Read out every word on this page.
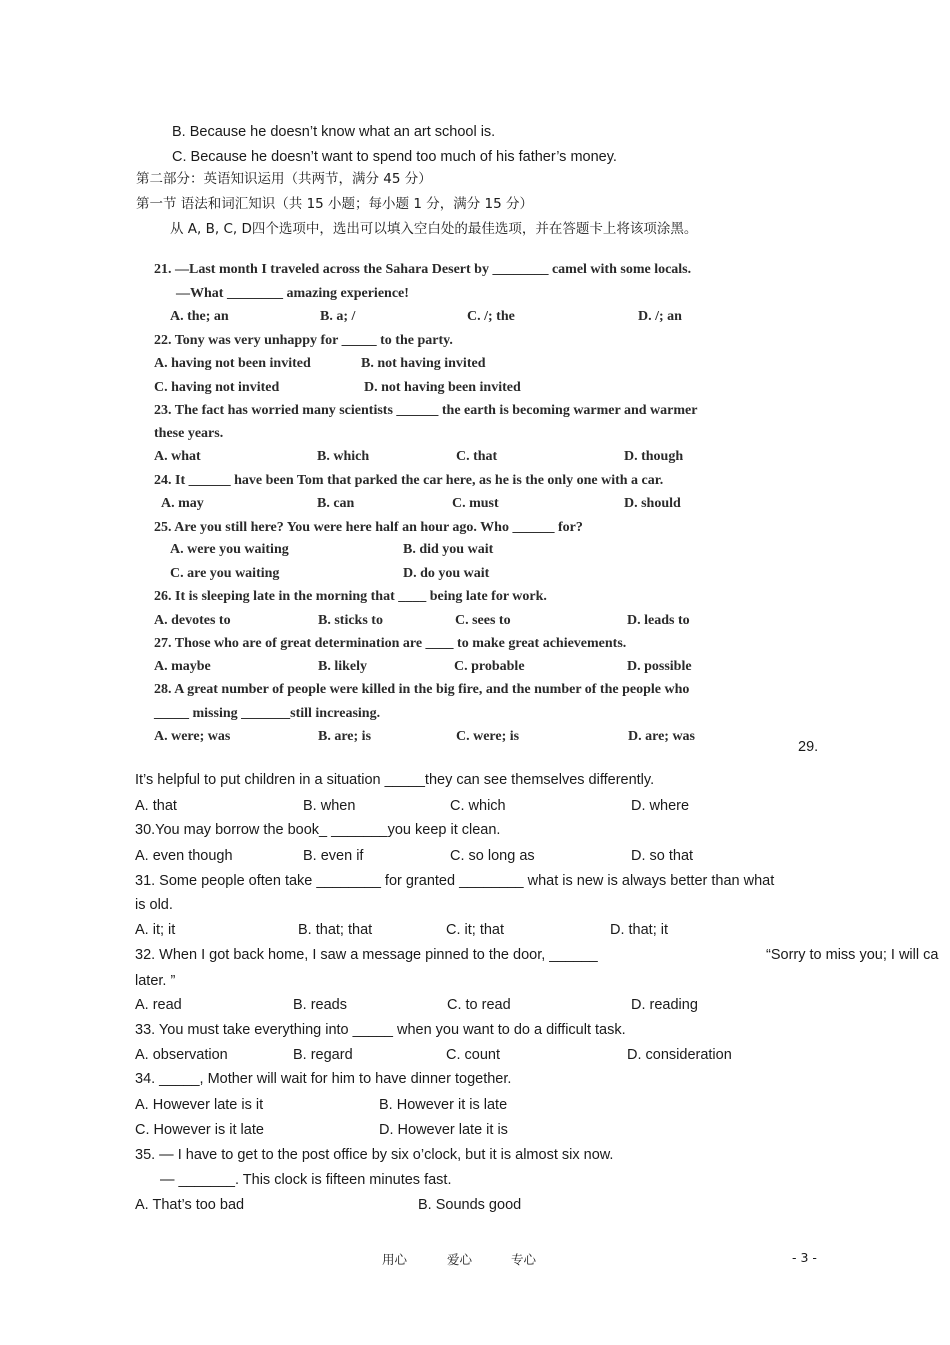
B. Because he doesn’t know what an art school is.
C. Because he doesn’t want to spend too much of his father’s money.
第二部分：英语知识运用（共两节，满分 45 分）
第一节 语法和词汇知识（共 15 小题；每小题 1 分，满分 15 分）
从 A, B, C, D四个选项中，选出可以填入空白处的最佳选项，并在答题卡上将该项涂黑。
21. —Last month I traveled across the Sahara Desert by ________ camel with some locals.
—What ________ amazing experience!
A. the; an	B. a; /	C. /; the	D. /; an
22. Tony was very unhappy for _____ to the party.
A. having not been invited	B. not having invited
C. having not invited	D. not having been invited
23. The fact has worried many scientists ______ the earth is becoming warmer and warmer
these years.
A. what	B. which	C. that	D. though
24. It ______ have been Tom that parked the car here, as he is the only one with a car.
A. may	B. can	C. must	D. should
25. Are you still here? You were here half an hour ago. Who ______ for?
A. were you waiting	B. did you wait
C. are you waiting	D. do you wait
26. It is sleeping late in the morning that ____ being late for work.
A. devotes to	B. sticks to	C. sees to	D. leads to
27. Those who are of great determination are ____ to make great achievements.
A. maybe	B. likely	C. probable	D. possible
28. A great number of people were killed in the big fire, and the number of the people who
_____ missing _______still increasing.
A. were; was	B. are; is	C. were; is	D. are; was
29.
It’s helpful to put children in a situation _____they can see themselves differently.
A. that	B. when	C. which	D. where
30.You may borrow the book_ _______you keep it clean.
A. even though	B. even if	C. so long as	D. so that
31. Some people often take ________ for granted ________ what is new is always better than what
is old.
A. it; it	B. that; that	C. it; that	D. that; it
32. When I got back home, I saw a message pinned to the door, ______	“Sorry to miss you; I will ca
later. ”
A. read	B. reads	C. to read	D. reading
33. You must take everything into _____ when you want to do a difficult task.
A. observation	B. regard	C. count	D. consideration
34. _____, Mother will wait for him to have dinner together.
A. However late is it	B. However it is late
C. However is it late	D. However late it is
35. — I have to get to the post office by six o’clock, but it is almost six now.
— _______. This clock is fifteen minutes fast.
A. That’s too bad	B. Sounds good
用心	爱心	专心	- 3 -
